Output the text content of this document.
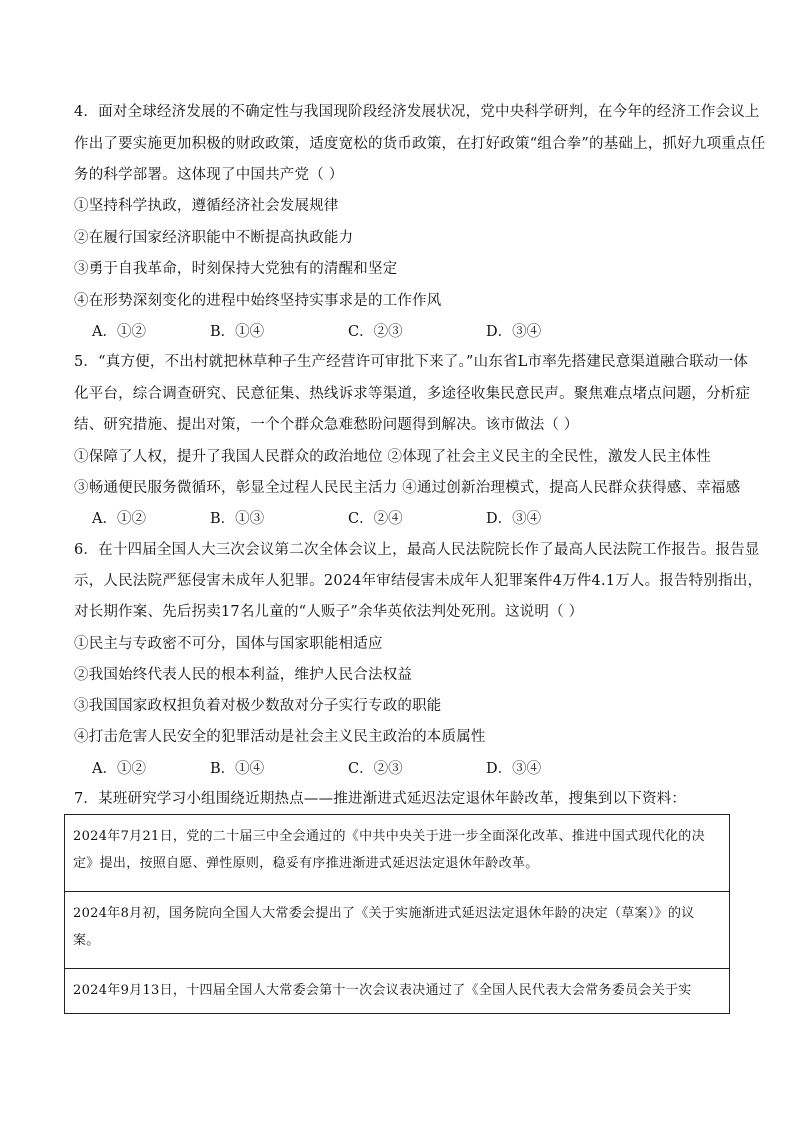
4．面对全球经济发展的不确定性与我国现阶段经济发展状况，党中央科学研判，在今年的经济工作会议上
作出了要实施更加积极的财政政策，适度宽松的货币政策，在打好政策“组合拳”的基础上，抓好九项重点任
务的科学部署。这体现了中国共产党（ ）
①坚持科学执政，遵循经济社会发展规律
②在履行国家经济职能中不断提高执政能力
③勇于自我革命，时刻保持大党独有的清醒和坚定
④在形势深刻变化的进程中始终坚持实事求是的工作作风
A．①②	B．①④	C．②③	D．③④
5．“真方便，不出村就把林草种子生产经营许可审批下来了。”山东省L市率先搭建民意渠道融合联动一体
化平台，综合调查研究、民意征集、热线诉求等渠道，多途径收集民意民声。聚焦难点堵点问题，分析症
结、研究措施、提出对策，一个个群众急难愁盼问题得到解决。该市做法（ ）
①保障了人权，提升了我国人民群众的政治地位 ②体现了社会主义民主的全民性，激发人民主体性
③畅通便民服务微循环，彰显全过程人民民主活力 ④通过创新治理模式，提高人民群众获得感、幸福感
A．①②	B．①③	C．②④	D．③④
6．在十四届全国人大三次会议第二次全体会议上，最高人民法院院长作了最高人民法院工作报告。报告显
示，人民法院严惩侵害未成年人犯罪。2024年审结侵害未成年人犯罪案件4万件4.1万人。报告特别指出，
对长期作案、先后拐卖17名儿童的“人贩子”余华英依法判处死刑。这说明（ ）
①民主与专政密不可分，国体与国家职能相适应
②我国始终代表人民的根本利益，维护人民合法权益
③我国国家政权担负着对极少数敌对分子实行专政的职能
④打击危害人民安全的犯罪活动是社会主义民主政治的本质属性
A．①②	B．①④	C．②③	D．③④
7．某班研究学习小组围绕近期热点——推进渐进式延迟法定退休年龄改革，搜集到以下资料：
2024年7月21日，党的二十届三中全会通过的《中共中央关于进一步全面深化改革、推进中国式现代化的决定》提出，按照自愿、弹性原则，稳妥有序推进渐进式延迟法定退休年龄改革。
2024年8月初，国务院向全国人大常委会提出了《关于实施渐进式延迟法定退休年龄的决定（草案）》的议案。
2024年9月13日，十四届全国人大常委会第十一次会议表决通过了《全国人民代表大会常务委员会关于实
